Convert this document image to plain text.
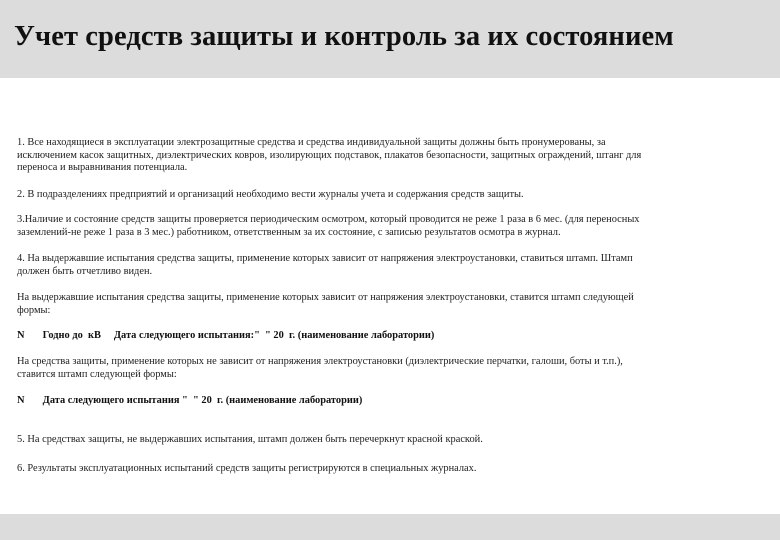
Учет средств защиты и контроль за их состоянием
1. Все находящиеся в эксплуатации электрозащитные средства и средства индивидуальной защиты должны быть пронумерованы, за
исключением касок защитных, диэлектрических ковров, изолирующих подставок, плакатов безопасности, защитных ограждений, штанг для
переноса и выравнивания потенциала.
2. В подразделениях предприятий и организаций необходимо вести журналы учета и содержания средств защиты.
3.Наличие и состояние средств защиты проверяется периодическим осмотром, который проводится не реже 1 раза в 6 мес. (для переносных
заземлений-не реже 1 раза в 3 мес.) работником, ответственным за их состояние, с записью результатов осмотра в журнал.
4. На выдержавшие испытания средства защиты, применение которых зависит от напряжения электроустановки, ставиться штамп. Штамп
должен быть отчетливо виден.
На выдержавшие испытания средства защиты, применение которых зависит от напряжения электроустановки, ставится штамп следующей
формы:
N       Годно до  кВ     Дата следующего испытания:"  " 20  г. (наименование лаборатории)
На средства защиты, применение которых не зависит от напряжения электроустановки (диэлектрические перчатки, галоши, боты и т.п.),
ставится штамп следующей формы:
N       Дата следующего испытания "  " 20  г. (наименование лаборатории)
5. На средствах защиты, не выдержавших испытания, штамп должен быть перечеркнут красной краской.
6. Результаты эксплуатационных испытаний средств защиты регистрируются в специальных журналах.
